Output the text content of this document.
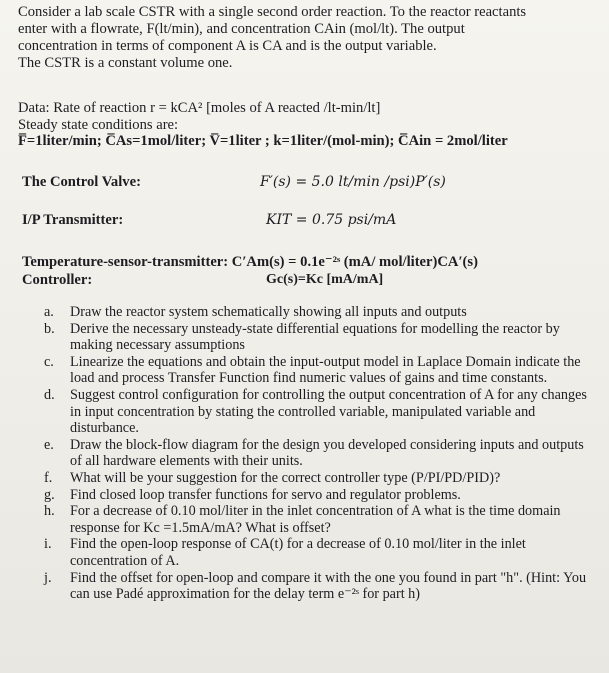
Consider a lab scale CSTR with a single second order reaction. To the reactor reactants
enter with a flowrate, F(lt/min), and concentration CAin (mol/lt). The output
concentration in terms of component A is CA and is the output variable.
The CSTR is a constant volume one.
Data: Rate of reaction r = kCA² [moles of A reacted /lt-min/lt]
Steady state conditions are:
F̅=1liter/min; C̅As=1mol/liter; V̅=1liter ; k=1liter/(mol-min); C̅Ain = 2mol/liter
The Control Valve:	F′(s) = 5.0 lt/min /psi)P′(s)
I/P Transmitter:	KIT = 0.75 psi/mA
Temperature-sensor-transmitter: C′Am(s) = 0.1e⁻²ˢ (mA/ mol/liter)CA′(s)
Controller:	Gc(s)=Kc [mA/mA]
a.	Draw the reactor system schematically showing all inputs and outputs
b.	Derive the necessary unsteady-state differential equations for modelling the reactor by making necessary assumptions
c.	Linearize the equations and obtain the input-output model in Laplace Domain indicate the load and process Transfer Function find numeric values of gains and time constants.
d.	Suggest control configuration for controlling the output concentration of A for any changes in input concentration by stating the controlled variable, manipulated variable and disturbance.
e.	Draw the block-flow diagram for the design you developed considering inputs and outputs of all hardware elements with their units.
f.	What will be your suggestion for the correct controller type (P/PI/PD/PID)?
g.	Find closed loop transfer functions for servo and regulator problems.
h.	For a decrease of 0.10 mol/liter in the inlet concentration of A what is the time domain response for Kc =1.5mA/mA? What is offset?
i.	Find the open-loop response of CA(t) for a decrease of 0.10 mol/liter in the inlet concentration of A.
j.	Find the offset for open-loop and compare it with the one you found in part "h". (Hint: You can use Padé approximation for the delay term e⁻²ˢ for part h)
